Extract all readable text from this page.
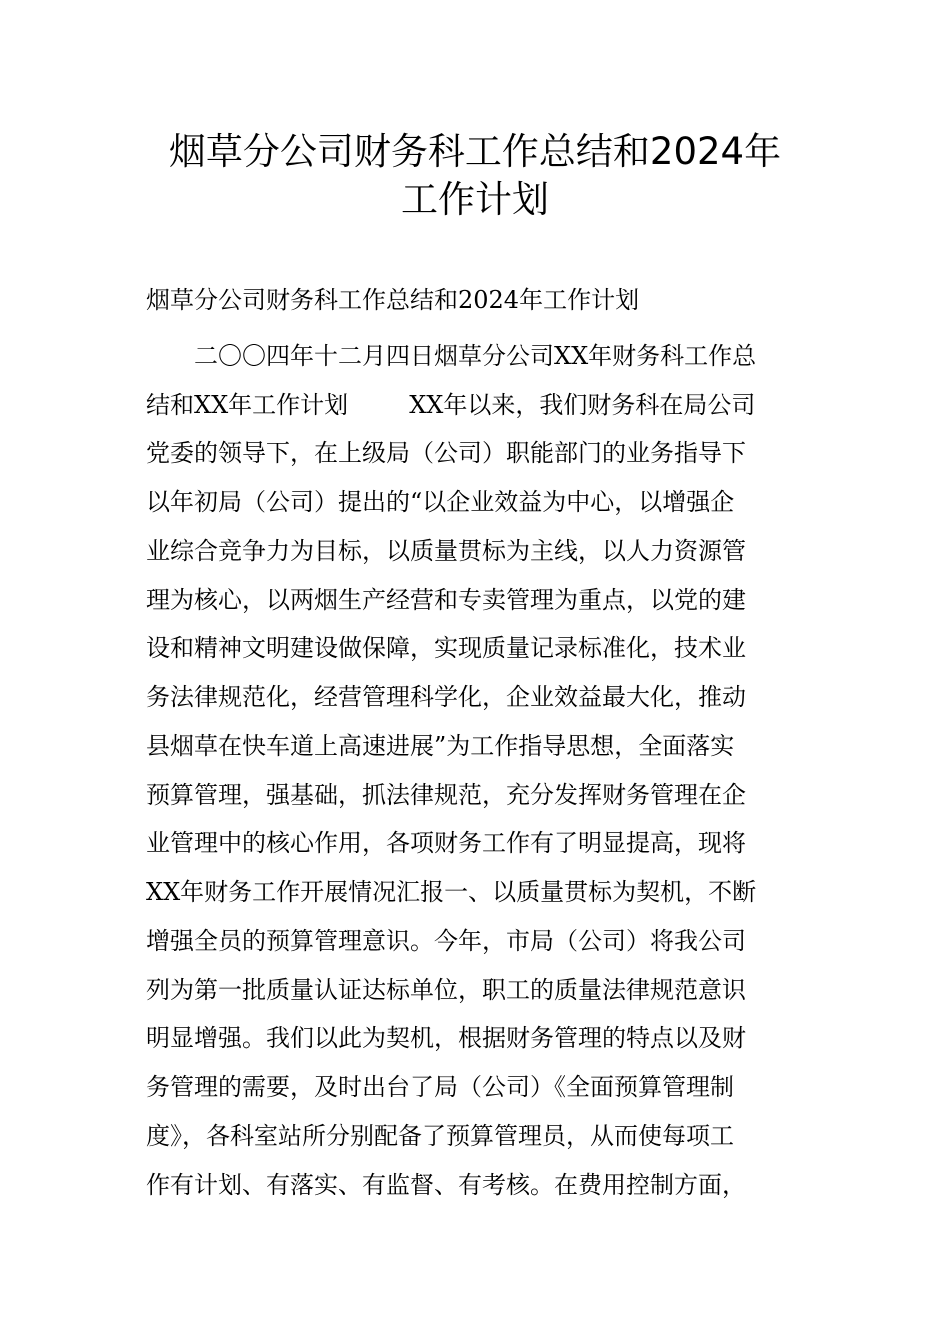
烟草分公司财务科工作总结和2024年
工作计划
烟草分公司财务科工作总结和2024年工作计划
二〇〇四年十二月四日烟草分公司XX年财务科工作总
结和XX年工作计划        XX年以来，我们财务科在局公司
党委的领导下，在上级局（公司）职能部门的业务指导下
以年初局（公司）提出的“以企业效益为中心，以增强企
业综合竞争力为目标，以质量贯标为主线，以人力资源管
理为核心，以两烟生产经营和专卖管理为重点，以党的建
设和精神文明建设做保障，实现质量记录标准化，技术业
务法律规范化，经营管理科学化，企业效益最大化，推动
县烟草在快车道上高速进展”为工作指导思想，全面落实
预算管理，强基础，抓法律规范，充分发挥财务管理在企
业管理中的核心作用，各项财务工作有了明显提高，现将
XX年财务工作开展情况汇报一、以质量贯标为契机，不断
增强全员的预算管理意识。今年，市局（公司）将我公司
列为第一批质量认证达标单位，职工的质量法律规范意识
明显增强。我们以此为契机，根据财务管理的特点以及财
务管理的需要，及时出台了局（公司）《全面预算管理制
度》，各科室站所分别配备了预算管理员，从而使每项工
作有计划、有落实、有监督、有考核。在费用控制方面，
